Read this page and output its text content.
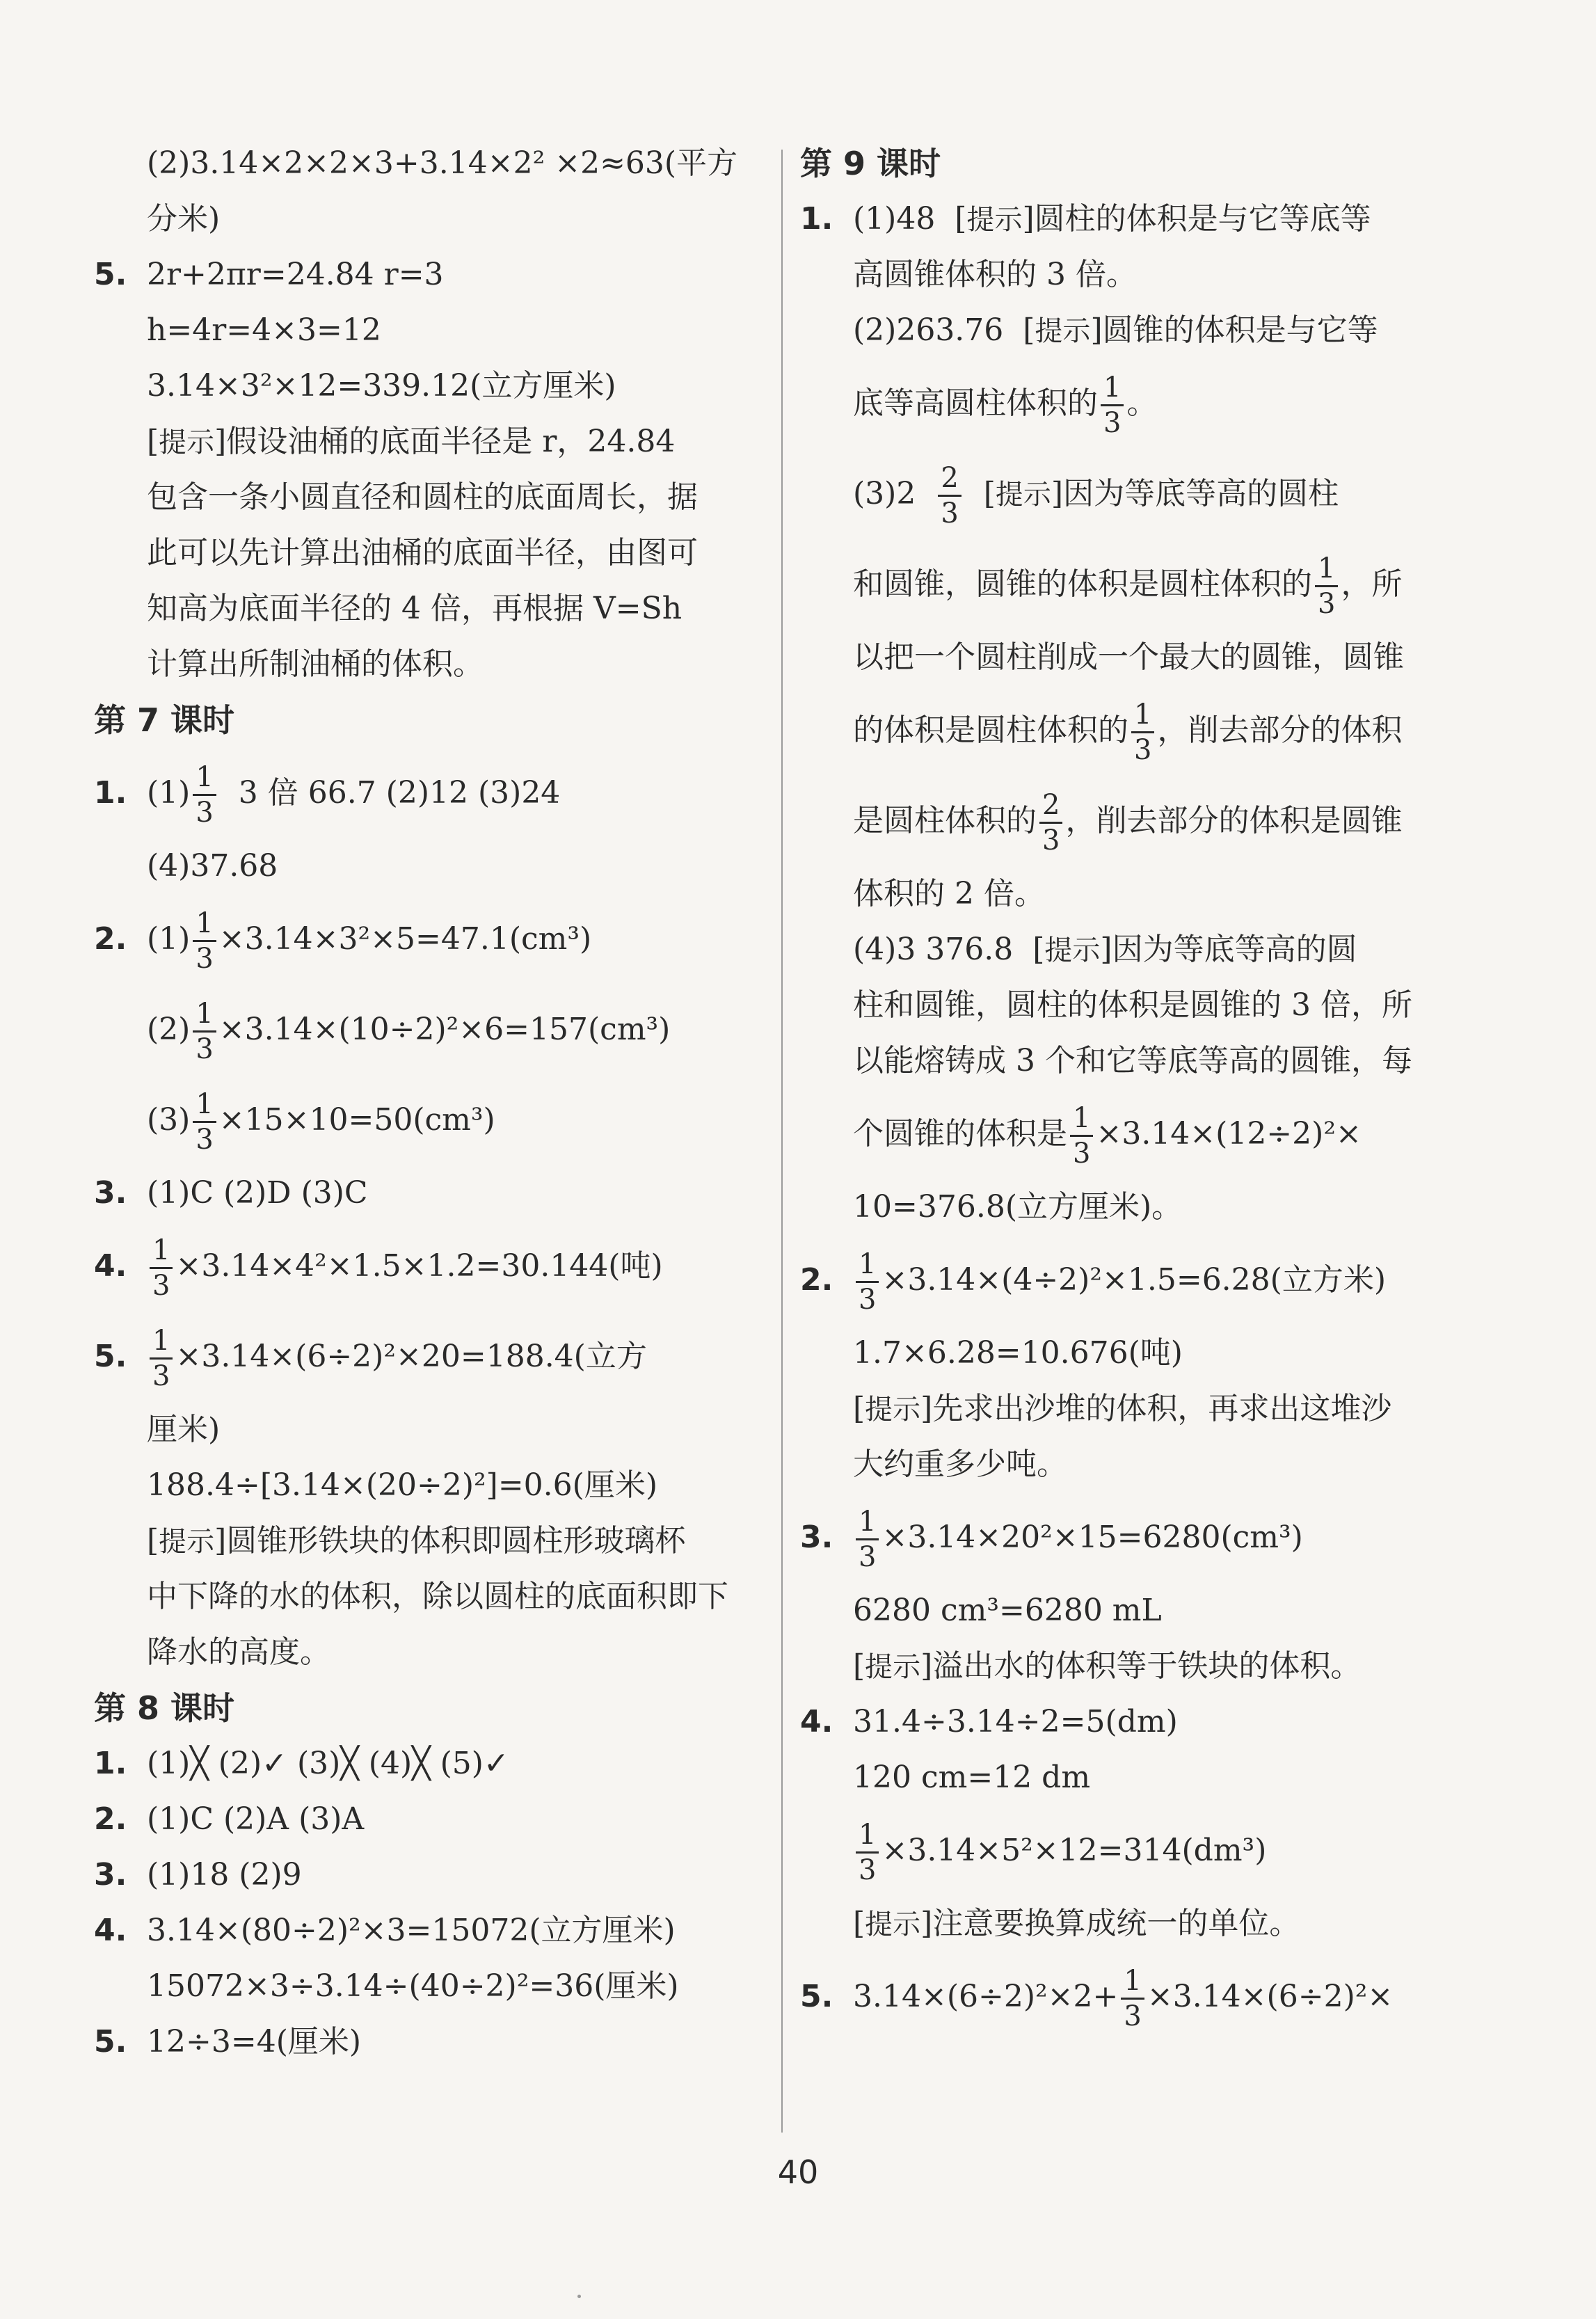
(2)3.14×2×2×3+3.14×2² ×2≈63(平方
分米)
5. 2r+2πr=24.84 r=3
h=4r=4×3=12
3.14×3²×12=339.12(立方厘米)
[提示]假设油桶的底面半径是 r，24.84
包含一条小圆直径和圆柱的底面周长，据
此可以先计算出油桶的底面半径，由图可
知高为底面半径的 4 倍，再根据 V=Sh
计算出所制油桶的体积。
第 7 课时
1. $(1) \frac{1}{3} 3$ 倍 66.7 (2)12 (3)24
(4)37.68
2. $(1) \frac{1}{3} \times 3.14\times 3^2\times 5=47.1(cm^3)$
$(2) \frac{1}{3} \times 3.14\times(10\div 2)^2\times 6=157(cm^3)$
$(3) \frac{1}{3} \times 15\times 10=50(cm^3)$
3. (1)C (2)D (3)C
4. $\frac{1}{3} \times 3.14\times 4^2\times 1.5\times 1.2=30.144$(吨)
5. $\frac{1}{3} \times 3.14\times(6\div 2)^2\times 20=188.4$(立方
厘米)
188.4÷[3.14×(20÷2)²]=0.6(厘米)
[提示]圆锥形铁块的体积即圆柱形玻璃杯
中下降的水的体积，除以圆柱的底面积即下
降水的高度。
第 8 课时
1. (1)╳ (2)✓ (3)╳ (4)╳ (5)✓
2. (1)C (2)A (3)A
3. (1)18 (2)9
4. 3.14×(80÷2)²×3=15072(立方厘米)
15072×3÷3.14÷(40÷2)²=36(厘米)
5. 12÷3=4(厘米)
第 9 课时
1. (1)48  [提示]圆柱的体积是与它等底等
高圆锥体积的 3 倍。
(2)263.76  [提示]圆锥的体积是与它等
底等高圆柱体积的 $\frac{1}{3}$ 。
$(3)2 \frac{2}{3}$ [提示]因为等底等高的圆柱
和圆锥，圆锥的体积是圆柱体积的 $\frac{1}{3}$ ，所
以把一个圆柱削成一个最大的圆锥，圆锥
的体积是圆柱体积的 $\frac{1}{3}$ ，削去部分的体积
是圆柱体积的 $\frac{2}{3}$ ，削去部分的体积是圆锥
体积的 2 倍。
(4)3 376.8  [提示]因为等底等高的圆
柱和圆锥，圆柱的体积是圆锥的 3 倍，所
以能熔铸成 3 个和它等底等高的圆锥，每
个圆锥的体积是 $\frac{1}{3} \times 3.14\times(12\div 2)^2\times$
10=376.8(立方厘米)。
2. $\frac{1}{3} \times 3.14\times(4\div 2)^2\times 1.5=6.28$(立方米)
1.7×6.28=10.676(吨)
[提示]先求出沙堆的体积，再求出这堆沙
大约重多少吨。
3. $\frac{1}{3} \times 3.14\times 20^2\times 15=6280(cm^3)$
6280 cm³=6280 mL
[提示]溢出水的体积等于铁块的体积。
4. 31.4÷3.14÷2=5(dm)
120 cm=12 dm
$\frac{1}{3} \times 3.14\times 5^2\times 12=314(dm^3)$
[提示]注意要换算成统一的单位。
5. $3.14\times(6\div 2)^2\times 2+ \frac{1}{3} \times 3.14\times(6\div 2)^2\times$
40
